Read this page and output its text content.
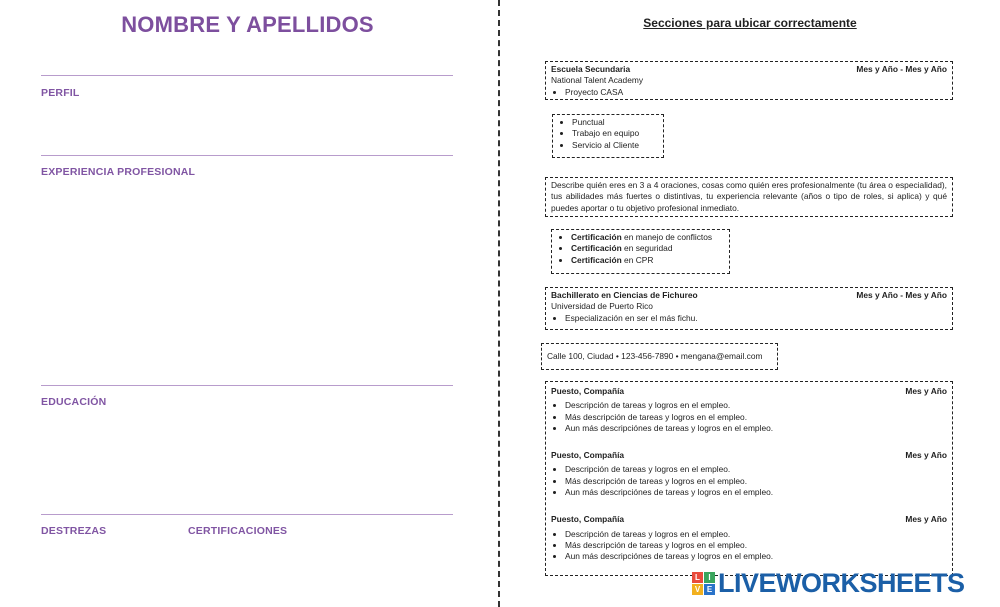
NOMBRE Y APELLIDOS
PERFIL
EXPERIENCIA PROFESIONAL
EDUCACIÓN
DESTREZAS	CERTIFICACIONES
Secciones para ubicar correctamente
Escuela Secundaria	Mes y Año - Mes y Año
National Talent Academy
• Proyecto CASA
• Punctual
• Trabajo en equipo
• Servicio al Cliente
Describe quién eres en 3 a 4 oraciones, cosas como quién eres profesionalmente (tu área o especialidad), tus abilidades más fuertes o distintivas, tu experiencia relevante (años o tipo de roles, si aplica) y qué puedes aportar o tu objetivo profesional inmediato.
• Certificación en manejo de conflictos
• Certificación en seguridad
• Certificación en CPR
Bachillerato en Ciencias de Fichureo	Mes y Año - Mes y Año
Universidad de Puerto Rico
• Especialización en ser el más fichu.
Calle 100, Ciudad • 123-456-7890 • mengana@email.com
Puesto, Compañía	Mes y Año
• Descripción de tareas y logros en el empleo.
• Más descripción de tareas y logros en el empleo.
• Aun más descripciónes de tareas y logros en el empleo.
Puesto, Compañía	Mes y Año
• Descripción de tareas y logros en el empleo.
• Más descripción de tareas y logros en el empleo.
• Aun más descripciónes de tareas y logros en el empleo.
Puesto, Compañía	Mes y Año
• Descripción de tareas y logros en el empleo.
• Más descripción de tareas y logros en el empleo.
• Aun más descripciónes de tareas y logros en el empleo.
L	I
V E LIVEWORKSHEETS
